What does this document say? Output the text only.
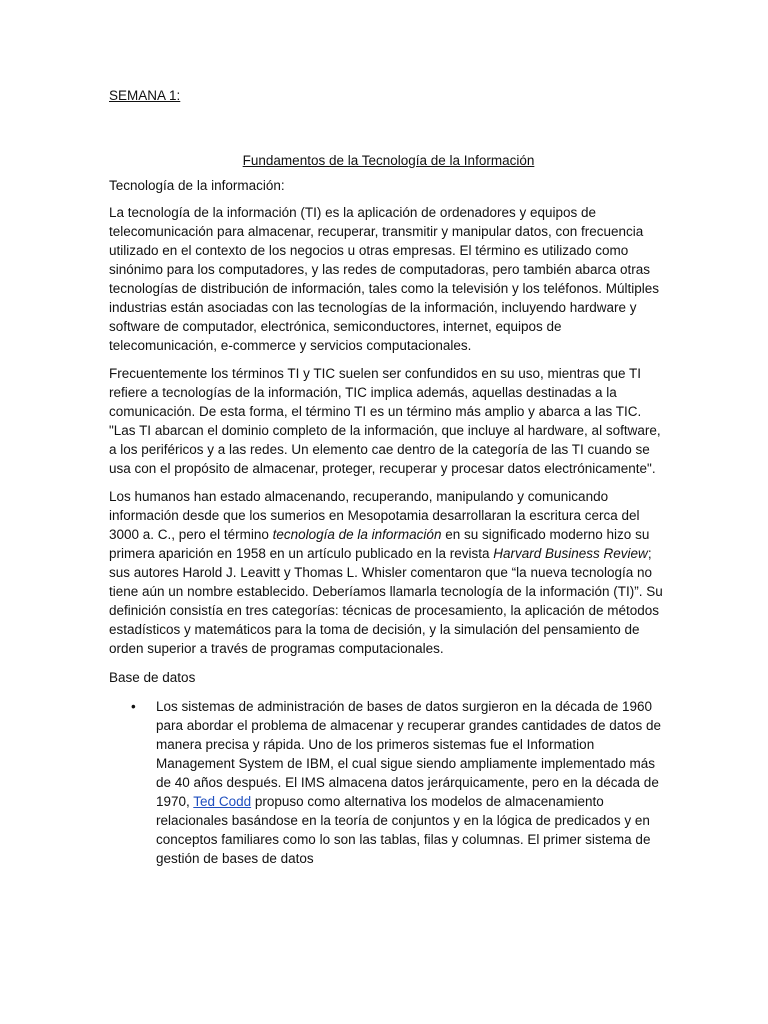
SEMANA 1:

Fundamentos de la Tecnología de la Información

Tecnología de la información:

La tecnología de la información (TI) es la aplicación de ordenadores y equipos de telecomunicación para almacenar, recuperar, transmitir y manipular datos, con frecuencia utilizado en el contexto de los negocios u otras empresas. El término es utilizado como sinónimo para los computadores, y las redes de computadoras, pero también abarca otras tecnologías de distribución de información, tales como la televisión y los teléfonos. Múltiples industrias están asociadas con las tecnologías de la información, incluyendo hardware y software de computador, electrónica, semiconductores, internet, equipos de telecomunicación, e-commerce y servicios computacionales.

Frecuentemente los términos TI y TIC suelen ser confundidos en su uso, mientras que TI refiere a tecnologías de la información, TIC implica además, aquellas destinadas a la comunicación. De esta forma, el término TI es un término más amplio y abarca a las TIC. "Las TI abarcan el dominio completo de la información, que incluye al hardware, al software, a los periféricos y a las redes. Un elemento cae dentro de la categoría de las TI cuando se usa con el propósito de almacenar, proteger, recuperar y procesar datos electrónicamente".

Los humanos han estado almacenando, recuperando, manipulando y comunicando información desde que los sumerios en Mesopotamia desarrollaran la escritura cerca del 3000 a. C., pero el término tecnología de la información en su significado moderno hizo su primera aparición en 1958 en un artículo publicado en la revista Harvard Business Review; sus autores Harold J. Leavitt y Thomas L. Whisler comentaron que “la nueva tecnología no tiene aún un nombre establecido. Deberíamos llamarla tecnología de la información (TI)”. Su definición consistía en tres categorías: técnicas de procesamiento, la aplicación de métodos estadísticos y matemáticos para la toma de decisión, y la simulación del pensamiento de orden superior a través de programas computacionales.

Base de datos

• Los sistemas de administración de bases de datos surgieron en la década de 1960 para abordar el problema de almacenar y recuperar grandes cantidades de datos de manera precisa y rápida. Uno de los primeros sistemas fue el Information Management System de IBM, el cual sigue siendo ampliamente implementado más de 40 años después. El IMS almacena datos jerárquicamente, pero en la década de 1970, Ted Codd propuso como alternativa los modelos de almacenamiento relacionales basándose en la teoría de conjuntos y en la lógica de predicados y en conceptos familiares como lo son las tablas, filas y columnas. El primer sistema de gestión de bases de datos
